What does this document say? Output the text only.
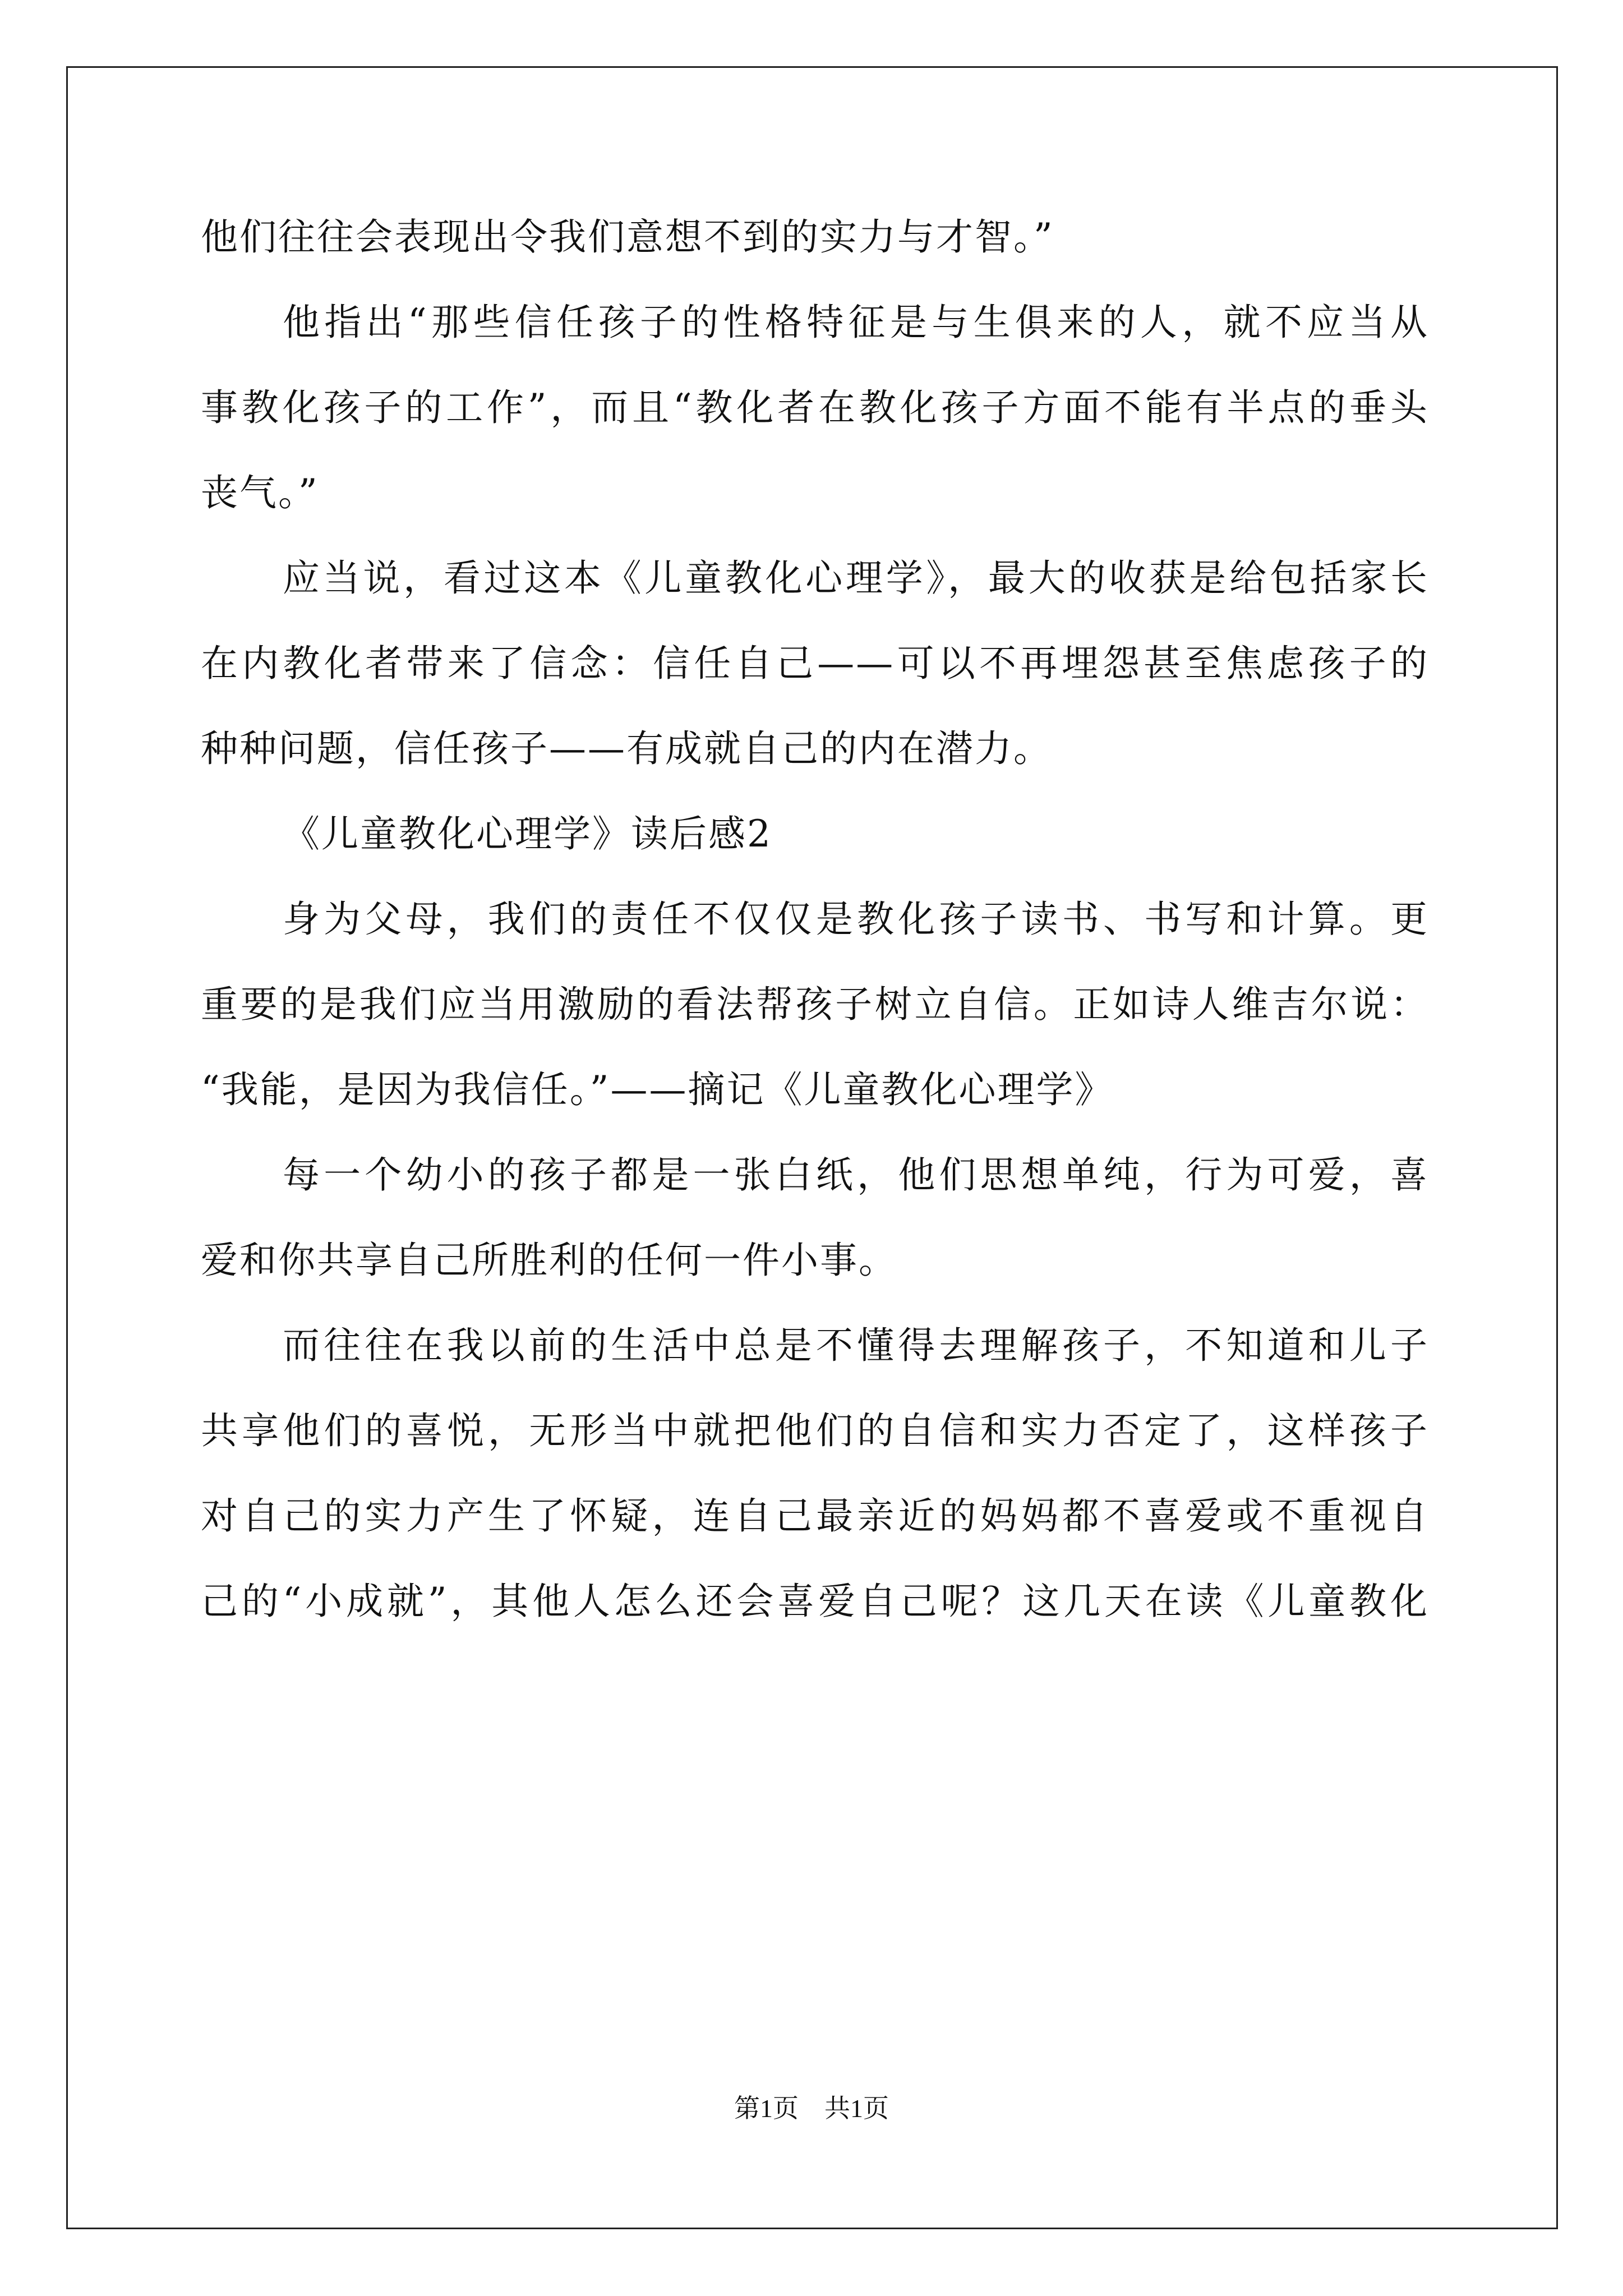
他们往往会表现出令我们意想不到的实力与才智。”
他指出“那些信任孩子的性格特征是与生俱来的人，就不应当从
事教化孩子的工作”，而且“教化者在教化孩子方面不能有半点的垂头
丧气。”
应当说，看过这本《儿童教化心理学》，最大的收获是给包括家长
在内教化者带来了信念：信任自己——可以不再埋怨甚至焦虑孩子的
种种问题，信任孩子——有成就自己的内在潜力。
《儿童教化心理学》读后感2
身为父母，我们的责任不仅仅是教化孩子读书、书写和计算。更
重要的是我们应当用激励的看法帮孩子树立自信。正如诗人维吉尔说：
“我能，是因为我信任。”——摘记《儿童教化心理学》
每一个幼小的孩子都是一张白纸，他们思想单纯，行为可爱，喜
爱和你共享自己所胜利的任何一件小事。
而往往在我以前的生活中总是不懂得去理解孩子，不知道和儿子
共享他们的喜悦，无形当中就把他们的自信和实力否定了，这样孩子
对自己的实力产生了怀疑，连自己最亲近的妈妈都不喜爱或不重视自
己的“小成就”，其他人怎么还会喜爱自己呢？这几天在读《儿童教化
第1页　共1页
